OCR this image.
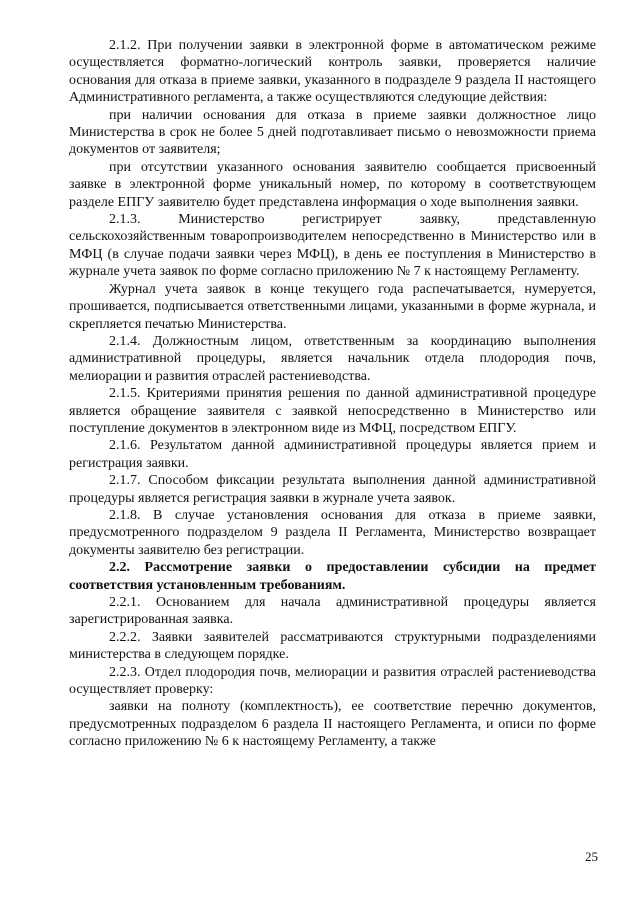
2.1.2. При получении заявки в электронной форме в автоматическом режиме осуществляется форматно-логический контроль заявки, проверяется наличие основания для отказа в приеме заявки, указанного в подразделе 9 раздела II настоящего Административного регламента, а также осуществляются следующие действия:

при наличии основания для отказа в приеме заявки должностное лицо Министерства в срок не более 5 дней подготавливает письмо о невозможности приема документов от заявителя;

при отсутствии указанного основания заявителю сообщается присвоенный заявке в электронной форме уникальный номер, по которому в соответствующем разделе ЕПГУ заявителю будет представлена информация о ходе выполнения заявки.

2.1.3. Министерство регистрирует заявку, представленную сельскохозяйственным товаропроизводителем непосредственно в Министерство или в МФЦ (в случае подачи заявки через МФЦ), в день ее поступления в Министерство в журнале учета заявок по форме согласно приложению № 7 к настоящему Регламенту.

Журнал учета заявок в конце текущего года распечатывается, нумеруется, прошивается, подписывается ответственными лицами, указанными в форме журнала, и скрепляется печатью Министерства.

2.1.4. Должностным лицом, ответственным за координацию выполнения административной процедуры, является начальник отдела плодородия почв, мелиорации и развития отраслей растениеводства.

2.1.5. Критериями принятия решения по данной административной процедуре является обращение заявителя с заявкой непосредственно в Министерство или поступление документов в электронном виде из МФЦ, посредством ЕПГУ.

2.1.6. Результатом данной административной процедуры является прием и регистрация заявки.

2.1.7. Способом фиксации результата выполнения данной административной процедуры является регистрация заявки в журнале учета заявок.

2.1.8. В случае установления основания для отказа в приеме заявки, предусмотренного подразделом 9 раздела II Регламента, Министерство возвращает документы заявителю без регистрации.

2.2. Рассмотрение заявки о предоставлении субсидии на предмет соответствия установленным требованиям.

2.2.1. Основанием для начала административной процедуры является зарегистрированная заявка.

2.2.2. Заявки заявителей рассматриваются структурными подразделениями министерства в следующем порядке.

2.2.3. Отдел плодородия почв, мелиорации и развития отраслей растениеводства осуществляет проверку:

заявки на полноту (комплектность), ее соответствие перечню документов, предусмотренных подразделом 6 раздела II настоящего Регламента, и описи по форме согласно приложению № 6 к настоящему Регламенту, а также

25
